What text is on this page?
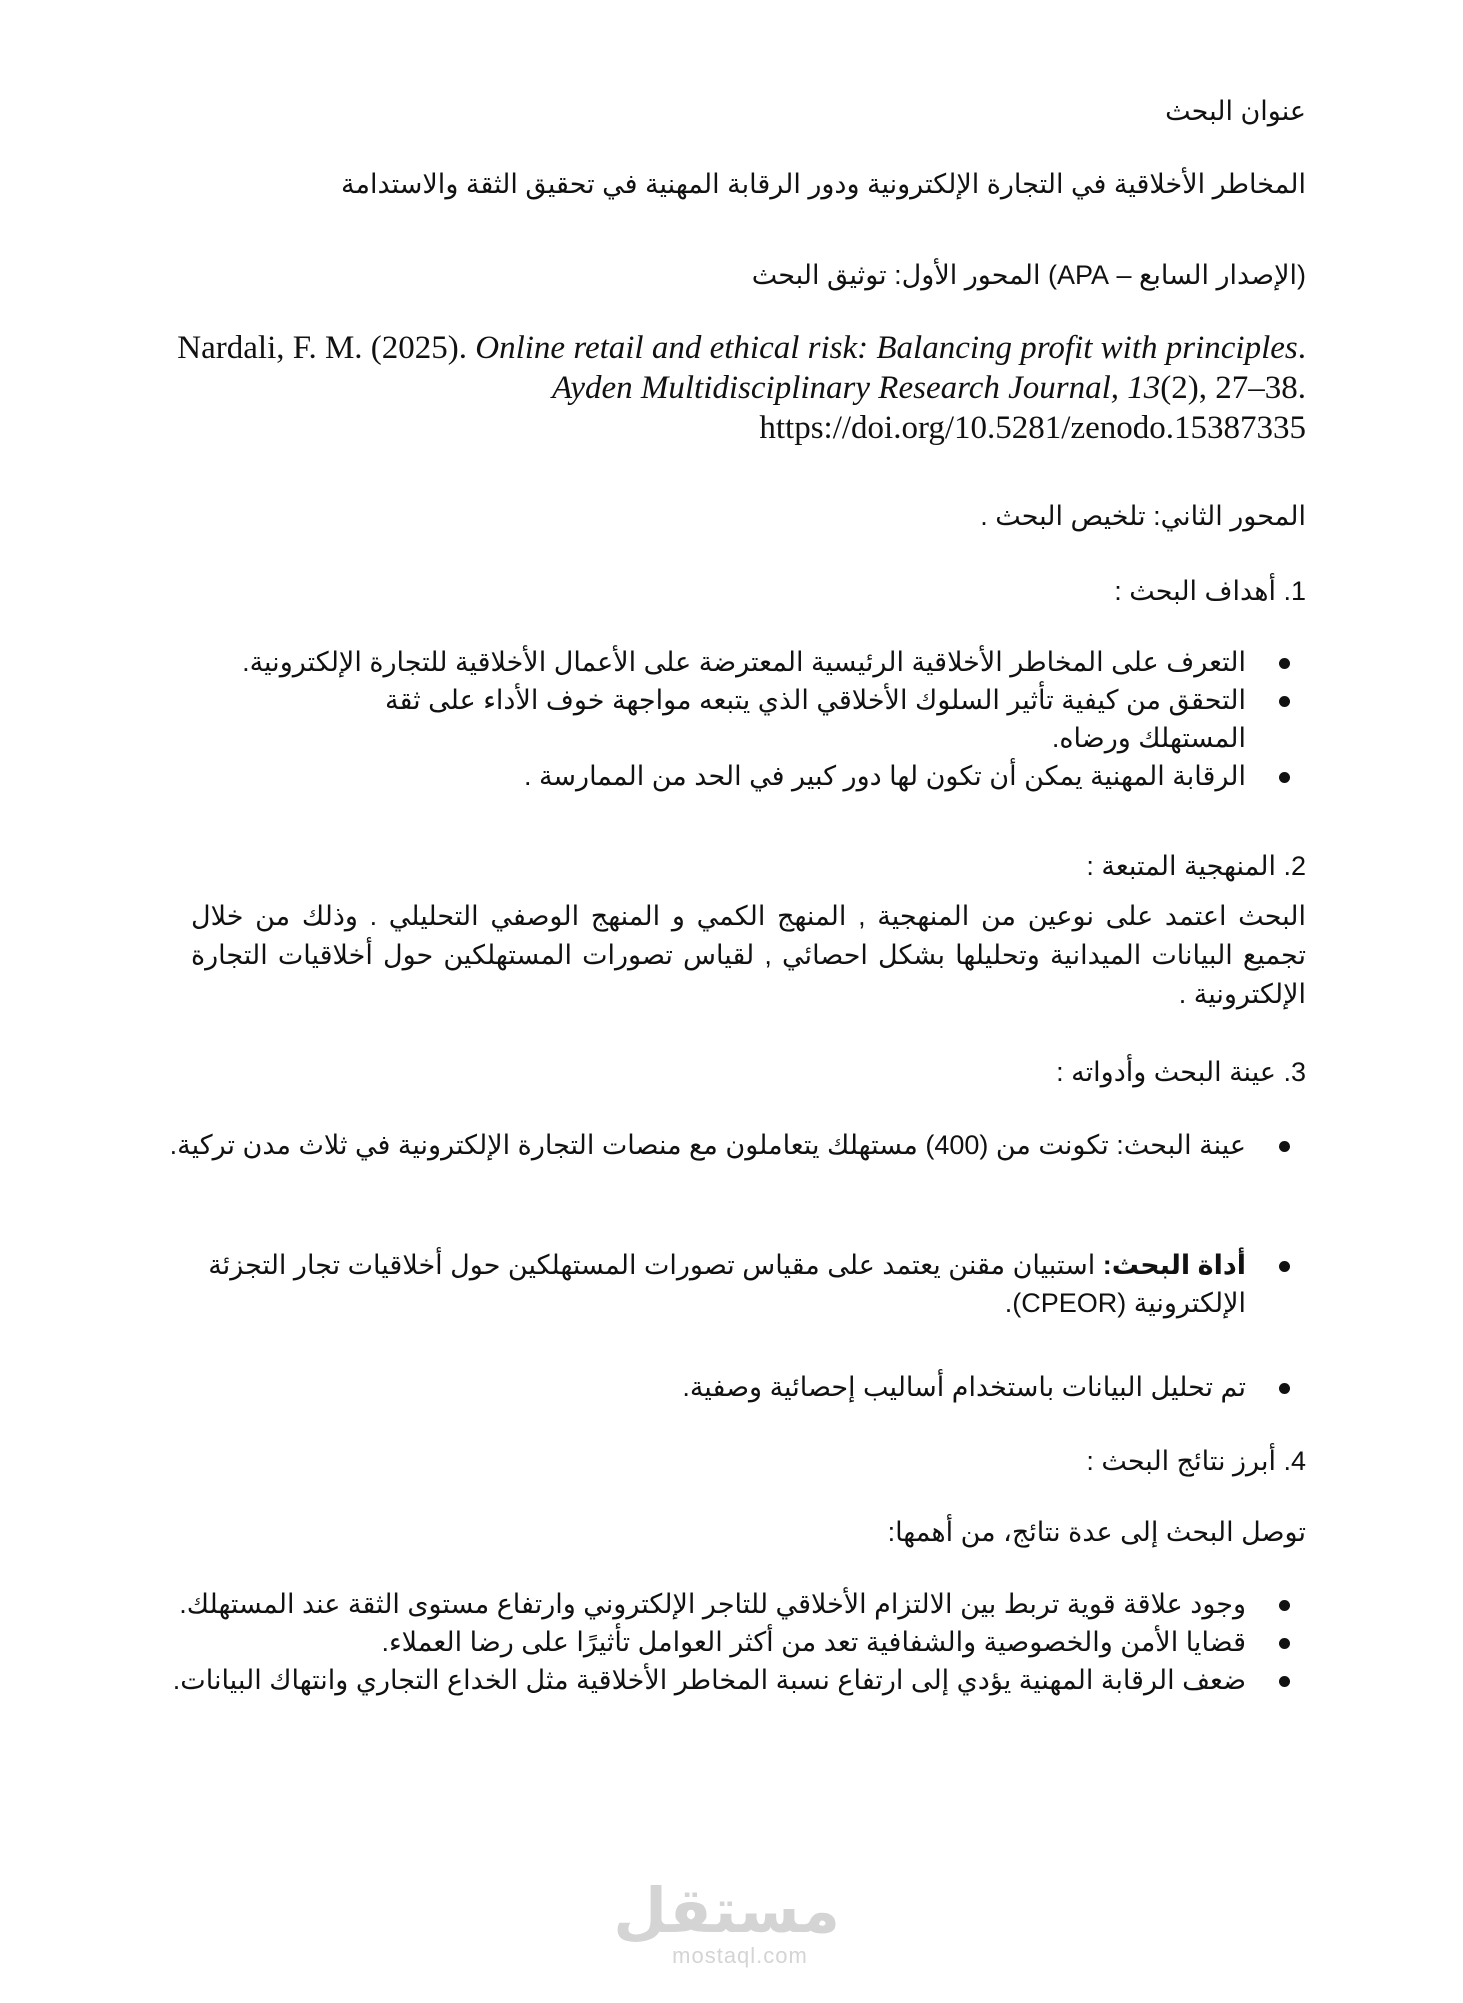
عنوان البحث
المخاطر الأخلاقية في التجارة الإلكترونية ودور الرقابة المهنية في تحقيق الثقة والاستدامة
(الإصدار السابع – APA) المحور الأول: توثيق البحث
Nardali, F. M. (2025). Online retail and ethical risk: Balancing profit with principles. Ayden Multidisciplinary Research Journal, 13(2), 27–38. https://doi.org/10.5281/zenodo.15387335
المحور الثاني: تلخيص البحث .
1. أهداف البحث :
التعرف على المخاطر الأخلاقية الرئيسية المعترضة على الأعمال الأخلاقية للتجارة الإلكترونية.
التحقق من كيفية تأثير السلوك الأخلاقي الذي يتبعه مواجهة خوف الأداء على ثقة المستهلك ورضاه.
الرقابة المهنية يمكن أن تكون لها دور كبير في الحد من الممارسة .
2. المنهجية المتبعة :
البحث اعتمد على نوعين من المنهجية , المنهج الكمي و المنهج الوصفي التحليلي . وذلك من خلال تجميع البيانات الميدانية وتحليلها بشكل احصائي , لقياس تصورات المستهلكين حول أخلاقيات التجارة الإلكترونية .
3. عينة البحث وأدواته :
عينة البحث: تكونت من (400) مستهلك يتعاملون مع منصات التجارة الإلكترونية في ثلاث مدن تركية.
أداة البحث: استبيان مقنن يعتمد على مقياس تصورات المستهلكين حول أخلاقيات تجار التجزئة الإلكترونية (CPEOR).
تم تحليل البيانات باستخدام أساليب إحصائية وصفية.
4. أبرز نتائج البحث :
توصل البحث إلى عدة نتائج، من أهمها:
وجود علاقة قوية تربط بين الالتزام الأخلاقي للتاجر الإلكتروني وارتفاع مستوى الثقة عند المستهلك.
قضايا الأمن والخصوصية والشفافية تعد من أكثر العوامل تأثيرًا على رضا العملاء.
ضعف الرقابة المهنية يؤدي إلى ارتفاع نسبة المخاطر الأخلاقية مثل الخداع التجاري وانتهاك البيانات.
مستقل
mostaql.com
